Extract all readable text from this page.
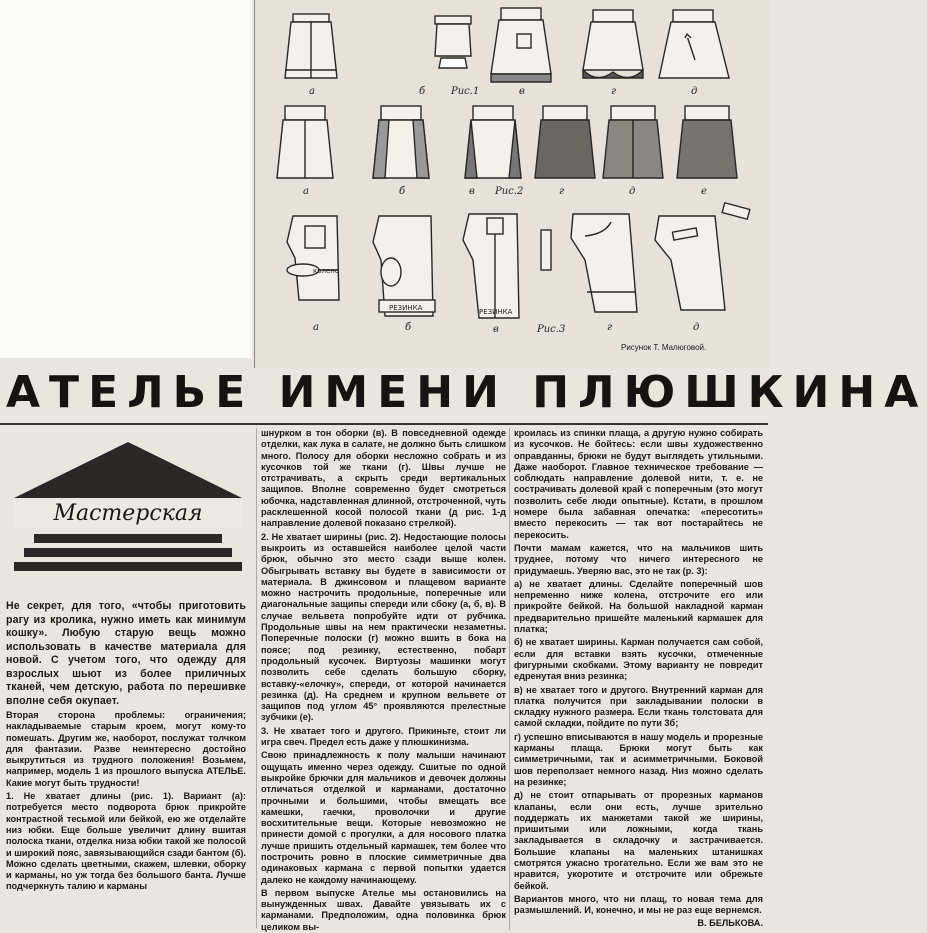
Рис.1
Рис.2
Рис.3
а	б	в	г	д
а	б	в	г	д	е
а	б	в	г	д
колено
РЕЗИНКА	РЕЗИНКА
Рисунок Т. Малюговой.
АТЕЛЬЕ ИМЕНИ ПЛЮШКИНА
Мастерская

Не секрет, для того, «чтобы приготовить рагу из кролика, нужно иметь как минимум кошку». Любую старую вещь можно использовать в качестве материала для новой. С учетом того, что одежду для взрослых шьют из более приличных тканей, чем детскую, работа по перешивке вполне себя окупает.

Вторая сторона проблемы: ограничения; накладываемые старым кроем, могут кому-то помешать. Другим же, наоборот, послужат толчком для фантазии. Разве неинтересно достойно выкрутиться из трудного положения! Возьмем, например, модель 1 из прошлого выпуска АТЕЛЬЕ. Какие могут быть трудности!

1. Не хватает длины (рис. 1). Вариант (а): потребуется место подворота брюк прикройте контрастной тесьмой или бейкой, ею же отделайте низ юбки. Еще больше увеличит длину вшитая полоска ткани, отделка низа юбки такой же полосой и широкий пояс, завязывающийся сзади бантом (б). Можно сделать цветными, скажем, шлевки, оборку и карманы, но уж тогда без большого банта. Лучше подчеркнуть талию и карманы

шнурком в тон оборки (в). В повседневной одежде отделки, как лука в салате, не должно быть слишком много. Полосу для оборки несложно собрать и из кусочков той же ткани (г). Швы лучше не отстрачивать, а скрыть среди вертикальных защипов. Вполне современно будет смотреться юбочка, надставленная длинной, отстроченной, чуть расклешенной косой полосой ткани (д рис. 1-д направление долевой показано стрелкой).

2. Не хватает ширины (рис. 2). Недостающие полосы выкроить из оставшейся наиболее целой части брюк, обычно это место сзади выше колен. Обыгрывать вставку вы будете в зависимости от материала. В джинсовом и плащевом варианте можно настрочить продольные, поперечные или диагональные защипы спереди или сбоку (а, б, в). В случае вельвета попробуйте идти от рубчика. Продольные швы на нем практически незаметны. Поперечные полоски (г) можно вшить в бока на поясе; под резинку, естественно, побарт продольный кусочек. Виртуозы машинки могут позволить себе сделать большую сборку, вставку-«елочку», спереди, от которой начинается резинка (д). На среднем и крупном вельвете от защипов под углом 45° проявляются прелестные зубчики (е).

3. Не хватает того и другого. Прикиньте, стоит ли игра свеч. Предел есть даже у плюшкинизма.

Свою принадлежность к полу малыши начинают ощущать именно через одежду. Сшитые по одной выкройке брючки для мальчиков и девочек должны отличаться отделкой и карманами, достаточно прочными и большими, чтобы вмещать все камешки, гаечки, проволочки и другие восхитительные вещи. Которые невозможно не принести домой с прогулки, а для носового платка лучше пришить отдельный кармашек, тем более что построчить ровно в плоские симметричные два одинаковых кармана с первой попытки удается далеко не каждому начинающему.

В первом выпуске Ателье мы остановились на вынужденных швах. Давайте увязывать их с карманами. Предположим, одна половинка брюк целиком вы-

кроилась из спинки плаща, а другую нужно собирать из кусочков. Не бойтесь: если швы художественно оправданны, брюки не будут выглядеть утильными. Даже наоборот. Главное техническое требование — соблюдать направление долевой нити, т. е. не сострачивать долевой край с поперечным (это могут позволить себе люди опытные). Кстати, в прошлом номере была забавная опечатка: «пересотить» вместо перекосить — так вот постарайтесь не перекосить.

Почти мамам кажется, что на мальчиков шить труднее, потому что ничего интересного не придумаешь. Уверяю вас, это не так (р. 3):

а) не хватает длины. Сделайте поперечный шов непременно ниже колена, отстрочите его или прикройте бейкой. На большой накладной карман предварительно пришейте маленький кармашек для платка;

б) не хватает ширины. Карман получается сам собой, если для вставки взять кусочки, отмеченные фигурными скобками. Этому варианту не повредит едренутая вниз резинка;

в) не хватает того и другого. Внутренний карман для платка получится при закладывании полоски в складку нужного размера. Если ткань толстовата для самой складки, пойдите по пути 3б;

г) успешно вписываются в нашу модель и прорезные карманы плаща. Брюки могут быть как симметричными, так и асимметричными. Боковой шов переползает немного назад. Низ можно сделать на резинке;

д) не стоит отпарывать от прорезных карманов клапаны, если они есть, лучше зрительно поддержать их манжетами такой же ширины, пришитыми или ложными, когда ткань закладывается в складочку и застрачивается. Большие клапаны на маленьких штанишках смотрятся ужасно трогательно. Если же вам это не нравится, укоротите и отстрочите или обрежьте бейкой.

Вариантов много, что ни плащ, то новая тема для размышлений. И, конечно, и мы не раз еще вернемся.

В. БЕЛЬКОВА.
